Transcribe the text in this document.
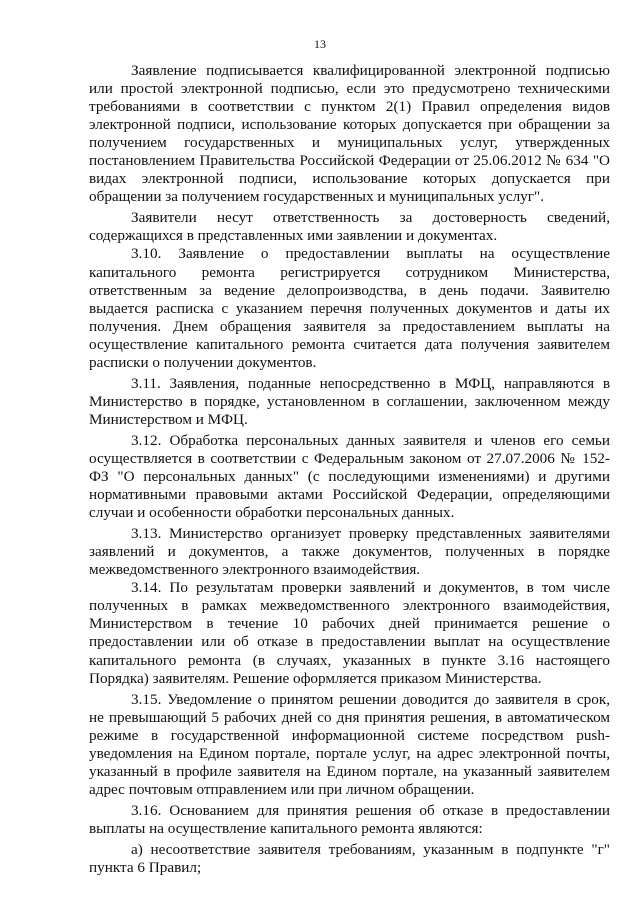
13

Заявление подписывается квалифицированной электронной подписью или простой электронной подписью, если это предусмотрено техническими требованиями в соответствии с пунктом 2(1) Правил определения видов электронной подписи, использование которых допускается при обращении за получением государственных и муниципальных услуг, утвержденных постановлением Правительства Российской Федерации от 25.06.2012 № 634 "О видах электронной подписи, использование которых допускается при обращении за получением государственных и муниципальных услуг".

Заявители несут ответственность за достоверность сведений, содержащихся в представленных ими заявлении и документах.

3.10. Заявление о предоставлении выплаты на осуществление капитального ремонта регистрируется сотрудником Министерства, ответственным за ведение делопроизводства, в день подачи. Заявителю выдается расписка с указанием перечня полученных документов и даты их получения. Днем обращения заявителя за предоставлением выплаты на осуществление капитального ремонта считается дата получения заявителем расписки о получении документов.

3.11. Заявления, поданные непосредственно в МФЦ, направляются в Министерство в порядке, установленном в соглашении, заключенном между Министерством и МФЦ.

3.12. Обработка персональных данных заявителя и членов его семьи осуществляется в соответствии с Федеральным законом от 27.07.2006 № 152-ФЗ "О персональных данных" (с последующими изменениями) и другими нормативными правовыми актами Российской Федерации, определяющими случаи и особенности обработки персональных данных.

3.13. Министерство организует проверку представленных заявителями заявлений и документов, а также документов, полученных в порядке межведомственного электронного взаимодействия.

3.14. По результатам проверки заявлений и документов, в том числе полученных в рамках межведомственного электронного взаимодействия, Министерством в течение 10 рабочих дней принимается решение о предоставлении или об отказе в предоставлении выплат на осуществление капитального ремонта (в случаях, указанных в пункте 3.16 настоящего Порядка) заявителям. Решение оформляется приказом Министерства.

3.15. Уведомление о принятом решении доводится до заявителя в срок, не превышающий 5 рабочих дней со дня принятия решения, в автоматическом режиме в государственной информационной системе посредством push-уведомления на Едином портале, портале услуг, на адрес электронной почты, указанный в профиле заявителя на Едином портале, на указанный заявителем адрес почтовым отправлением или при личном обращении.

3.16. Основанием для принятия решения об отказе в предоставлении выплаты на осуществление капитального ремонта являются:

а) несоответствие заявителя требованиям, указанным в подпункте "г" пункта 6 Правил;
